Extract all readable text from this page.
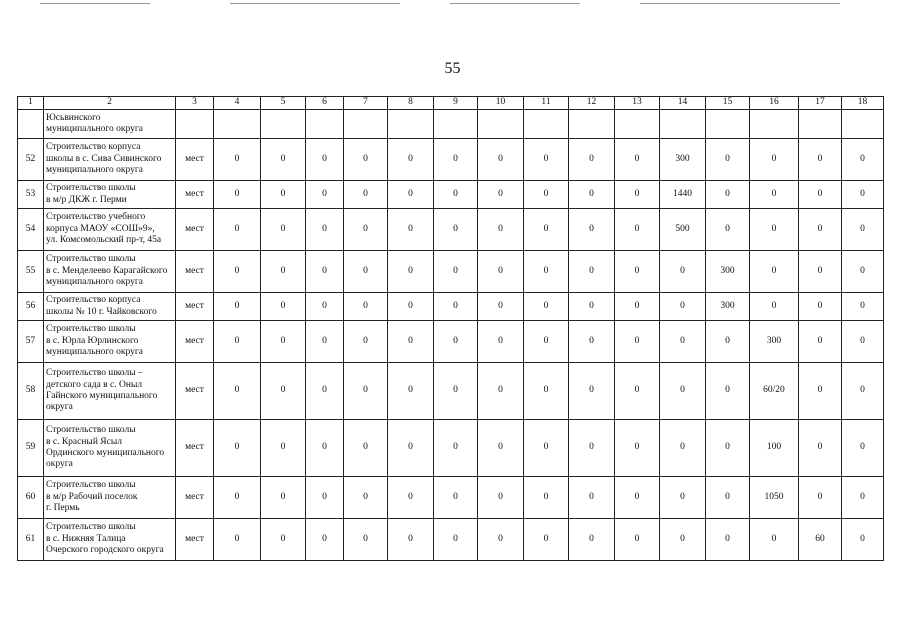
55
1	2	3	4	5	6	7	8	9	10	11	12	13	14	15	16	17	18

	Юсьвинского
муниципального округа																

52	Строительство корпуса
школы в с. Сива Сивинского
муниципального округа	мест	0	0	0	0	0	0	0	0	0	0	300	0	0	0	0
53	Строительство школы
в м/р ДКЖ г. Перми	мест	0	0	0	0	0	0	0	0	0	0	1440	0	0	0	0
54	Строительство учебного
корпуса МАОУ «СОШ»9»,
ул. Комсомольский пр-т, 45а	мест	0	0	0	0	0	0	0	0	0	0	500	0	0	0	0
55	Строительство школы
в с. Менделеево Карагайского
муниципального округа	мест	0	0	0	0	0	0	0	0	0	0	0	300	0	0	0
56	Строительство корпуса
школы № 10 г. Чайковского	мест	0	0	0	0	0	0	0	0	0	0	0	300	0	0	0
57	Строительство школы
в с. Юрла Юрлинского
муниципального округа	мест	0	0	0	0	0	0	0	0	0	0	0	0	300	0	0
58	Строительство школы –
детского сада в с. Оныл
Гайнского муниципального
округа	мест	0	0	0	0	0	0	0	0	0	0	0	0	60/20	0	0
59	Строительство школы
в с. Красный Ясыл
Ординского муниципального
округа	мест	0	0	0	0	0	0	0	0	0	0	0	0	100	0	0
60	Строительство школы
в м/р Рабочий поселок
г. Пермь	мест	0	0	0	0	0	0	0	0	0	0	0	0	1050	0	0
61	Строительство школы
в с. Нижняя Талица
Очерского городского округа	мест	0	0	0	0	0	0	0	0	0	0	0	0	0	60	0
